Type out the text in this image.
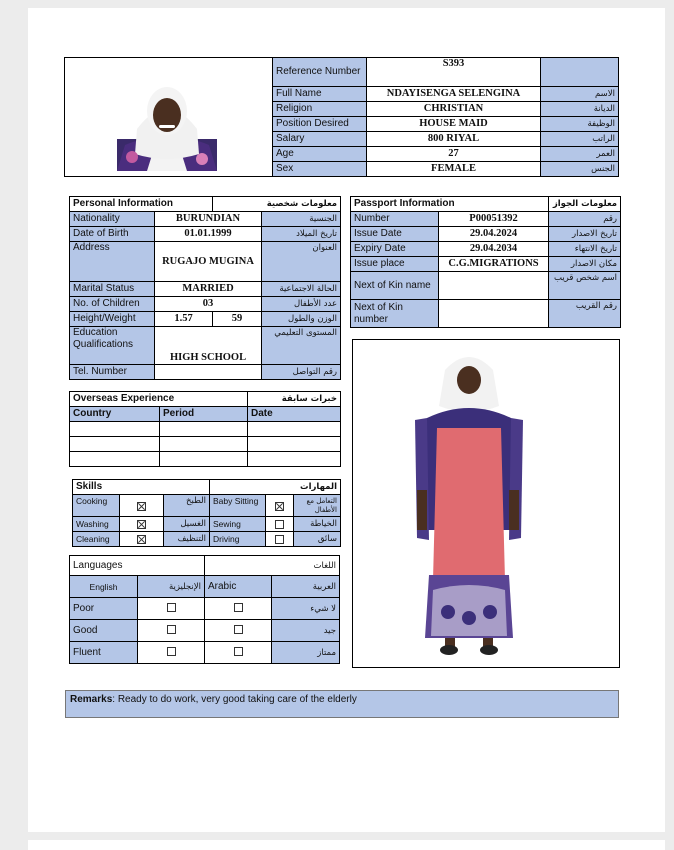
	Reference Number	S393	
	Full Name	NDAYISENGA SELENGINA	الاسم
	Religion	CHRISTIAN	الديانة
	Position Desired	HOUSE MAID	الوظيفة
	Salary	800 RIYAL	الراتب
	Age	27	العمر
	Sex	FEMALE	الجنس
Personal Information		معلومات شخصية	
Nationality	BURUNDIAN		الجنسية
Date of Birth	01.01.1999		تاريخ الميلاد
Address	RUGAJO MUGINA		العنوان
Marital Status	MARRIED		الحالة الاجتماعية
No. of Children	03		عدد الأطفال
Height/Weight	1.57	59	الوزن والطول
Education Qualifications	HIGH SCHOOL		المستوى التعليمي
Tel. Number			رقم التواصل
Passport Information		معلومات الجواز
Number	P00051392	رقم
Issue Date	29.04.2024	تاريخ الاصدار
Expiry Date	29.04.2034	تاريخ الانتهاء
Issue place	C.G.MIGRATIONS	مكان الاصدار
Next of Kin name		اسم شخص قريب
Next of Kin number		رقم القريب
Overseas Experience		خبرات سابقة
Country	Period	Date

Skills			المهارات		
Cooking		الطبخ	Baby Sitting		التعامل مع الأطفال
Washing		الغسيل	Sewing		الخياطة
Cleaning		التنظيف	Driving		سائق
Languages		اللغات	
English	الإنجليزية	Arabic	العربية
Poor			لا شيء
Good			جيد
Fluent			ممتاز
Remarks: Ready to do work, very good taking care of the elderly
